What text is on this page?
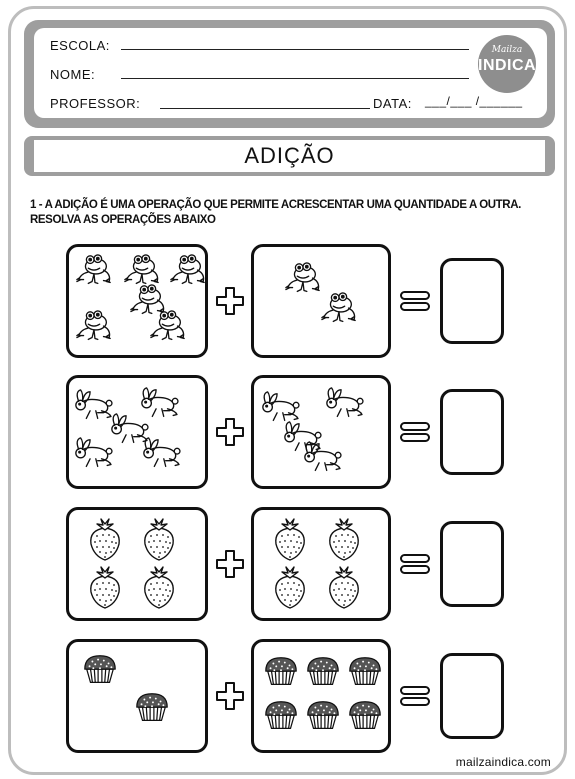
ESCOLA:
NOME:
PROFESSOR:	DATA: ___/___ /______
Mailza
INDICA
ADIÇÃO
1 - A ADIÇÃO É UMA OPERAÇÃO QUE PERMITE ACRESCENTAR UMA QUANTIDADE A OUTRA.
RESOLVA AS OPERAÇÕES ABAIXO
mailzaindica.com
